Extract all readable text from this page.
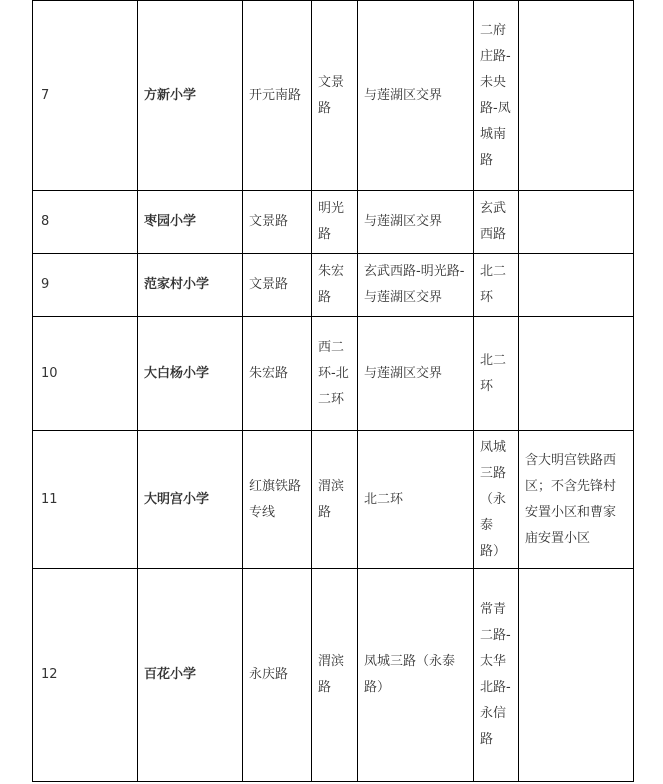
7	方新小学	开元南路	文景路	与莲湖区交界	二府庄路-未央路-凤城南路	
8	枣园小学	文景路	明光路	与莲湖区交界	玄武西路	
9	范家村小学	文景路	朱宏路	玄武西路-明光路-与莲湖区交界	北二环	
10	大白杨小学	朱宏路	西二环-北二环	与莲湖区交界	北二环	
11	大明宫小学	红旗铁路专线	渭滨路	北二环	凤城三路（永泰路）	含大明宫铁路西区；不含先锋村安置小区和曹家庙安置小区
12	百花小学	永庆路	渭滨路	凤城三路（永泰路）	常青二路-太华北路-永信路	
